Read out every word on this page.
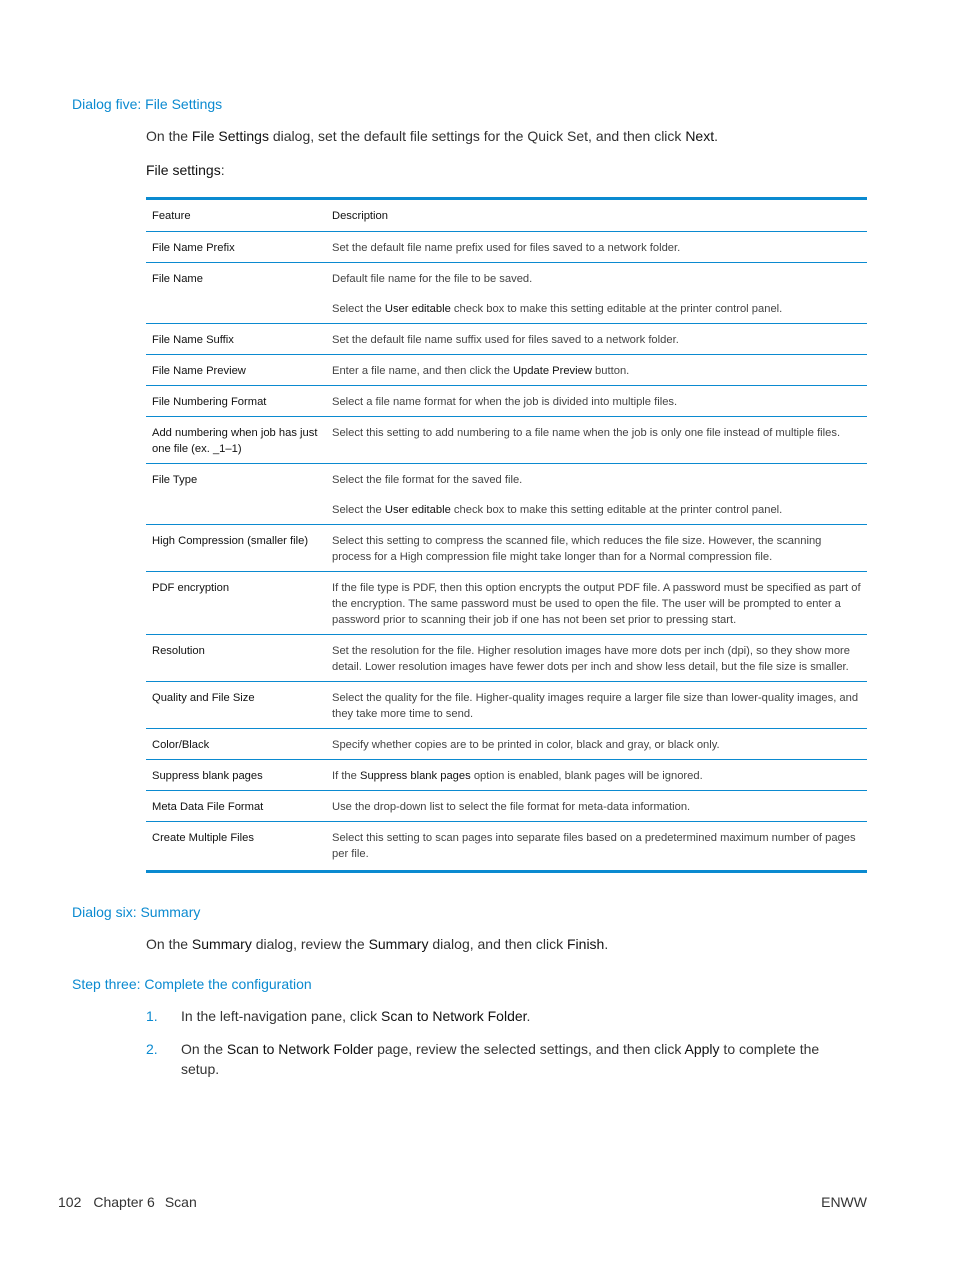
Dialog five: File Settings

On the File Settings dialog, set the default file settings for the Quick Set, and then click Next.

File settings:

Feature	Description
File Name Prefix	Set the default file name prefix used for files saved to a network folder.

File Name	Default file name for the file to be saved.

Select the User editable check box to make this setting editable at the printer control panel.

File Name Suffix	Set the default file name suffix used for files saved to a network folder.

File Name Preview	Enter a file name, and then click the Update Preview button.

File Numbering Format	Select a file name format for when the job is divided into multiple files.

Add numbering when job has just one file (ex. _1–1)	Select this setting to add numbering to a file name when the job is only one file instead of multiple files.

File Type	Select the file format for the saved file.

Select the User editable check box to make this setting editable at the printer control panel.

High Compression (smaller file)	Select this setting to compress the scanned file, which reduces the file size. However, the scanning process for a High compression file might take longer than for a Normal compression file.

PDF encryption	If the file type is PDF, then this option encrypts the output PDF file. A password must be specified as part of the encryption. The same password must be used to open the file. The user will be prompted to enter a password prior to scanning their job if one has not been set prior to pressing start.

Resolution	Set the resolution for the file. Higher resolution images have more dots per inch (dpi), so they show more detail. Lower resolution images have fewer dots per inch and show less detail, but the file size is smaller.

Quality and File Size	Select the quality for the file. Higher-quality images require a larger file size than lower-quality images, and they take more time to send.

Color/Black	Specify whether copies are to be printed in color, black and gray, or black only.

Suppress blank pages	If the Suppress blank pages option is enabled, blank pages will be ignored.

Meta Data File Format	Use the drop-down list to select the file format for meta-data information.

Create Multiple Files	Select this setting to scan pages into separate files based on a predetermined maximum number of pages per file.

Dialog six: Summary

On the Summary dialog, review the Summary dialog, and then click Finish.

Step three: Complete the configuration

1. In the left-navigation pane, click Scan to Network Folder.

2. On the Scan to Network Folder page, review the selected settings, and then click Apply to complete the setup.

102 Chapter 6 Scan	ENWW
